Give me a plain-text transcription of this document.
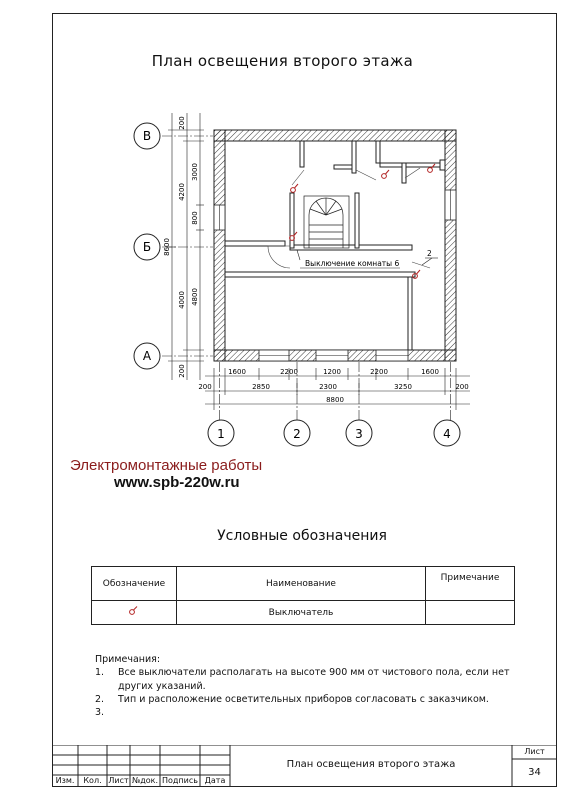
План освещения второго этажа
Выключение комнаты 6
2
В
Б
А
1	2	3	4
200
4200
8600
4000
200
3000
800
4800
1600	2200	1200	2200	1600
200	2850	2300	3250	200
8800
Электромонтажные работы
www.spb-220w.ru
Условные обозначения
Обозначение	Наименование	Примечание
	Выключатель	
Примечания:
1.	Все выключатели располагать на высоте 900 мм от чистового пола, если нет других указаний.
2.	Тип и расположение осветительных приборов согласовать с заказчиком.
3.
Изм.	Кол. Лист №док. Подпись Дата
План освещения второго этажа
Лист
34
